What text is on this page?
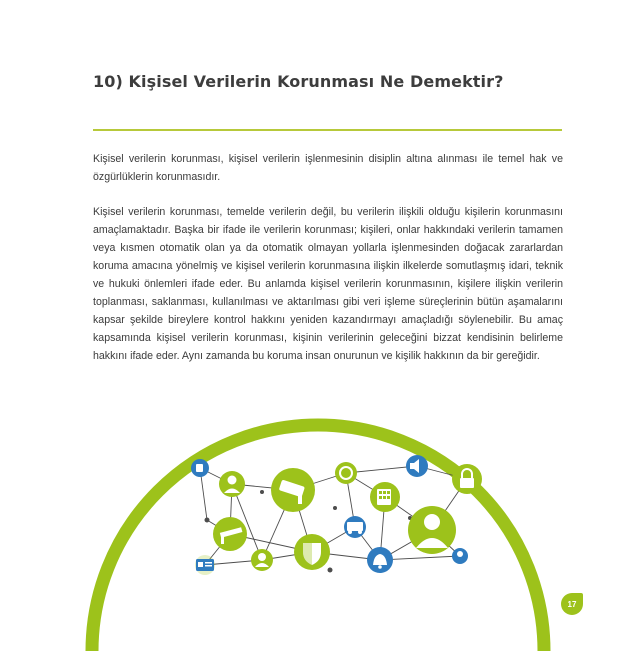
10) Kişisel Verilerin Korunması Ne Demektir?

Kişisel verilerin korunması, kişisel verilerin işlenmesinin disiplin altına alınması ile temel hak ve özgürlüklerin korunmasıdır.

Kişisel verilerin korunması, temelde verilerin değil, bu verilerin ilişkili olduğu kişilerin korunmasını amaçlamaktadır. Başka bir ifade ile verilerin korunması; kişileri, onlar hakkındaki verilerin tamamen veya kısmen otomatik olan ya da otomatik olmayan yollarla işlenmesinden doğacak zararlardan koruma amacına yönelmiş ve kişisel verilerin korunmasına ilişkin ilkelerde somutlaşmış idari, teknik ve hukuki önlemleri ifade eder. Bu anlamda kişisel verilerin korunmasının, kişilere ilişkin verilerin toplanması, saklanması, kullanılması ve aktarılması gibi veri işleme süreçlerinin bütün aşamalarını kapsar şekilde bireylere kontrol hakkını yeniden kazandırmayı amaçladığı söylenebilir. Bu amaç kapsamında kişisel verilerin korunması, kişinin verilerinin geleceğini bizzat kendisinin belirleme hakkını ifade eder. Aynı zamanda bu koruma insan onurunun ve kişilik hakkının da bir gereğidir.

17
